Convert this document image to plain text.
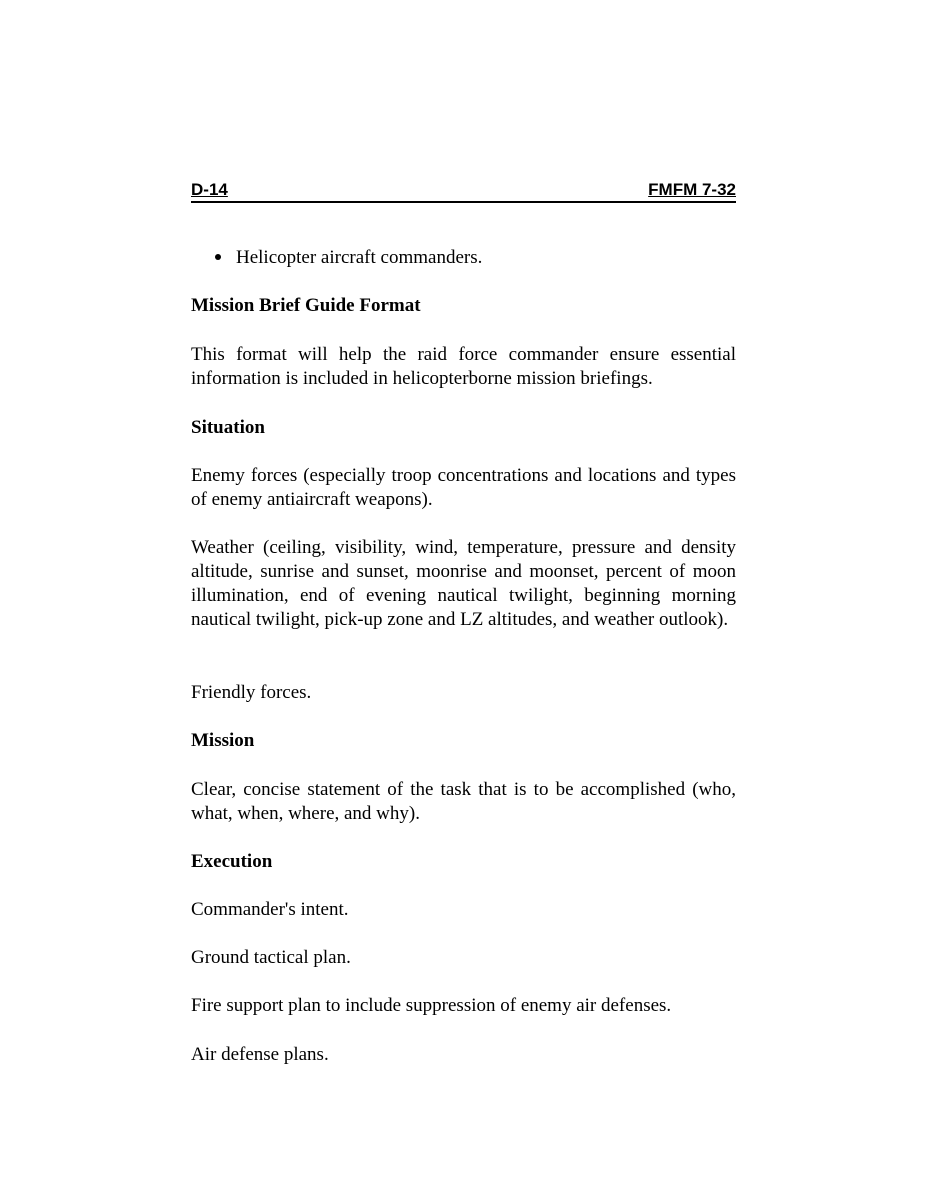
D-14	FMFM 7-32
Helicopter aircraft commanders.
Mission Brief Guide Format
This format will help the raid force commander ensure essential information is included in helicopterborne mission briefings.
Situation
Enemy forces (especially troop concentrations and locations and types of enemy antiaircraft weapons).
Weather (ceiling, visibility, wind, temperature, pressure and density altitude, sunrise and sunset, moonrise and moonset, percent of moon illumination, end of evening nautical twilight, beginning morning nautical twilight, pick-up zone and LZ altitudes, and weather outlook).
Friendly forces.
Mission
Clear, concise statement of the task that is to be accomplished (who, what, when, where, and why).
Execution
Commander's intent.
Ground tactical plan.
Fire support plan to include suppression of enemy air defenses.
Air defense plans.
